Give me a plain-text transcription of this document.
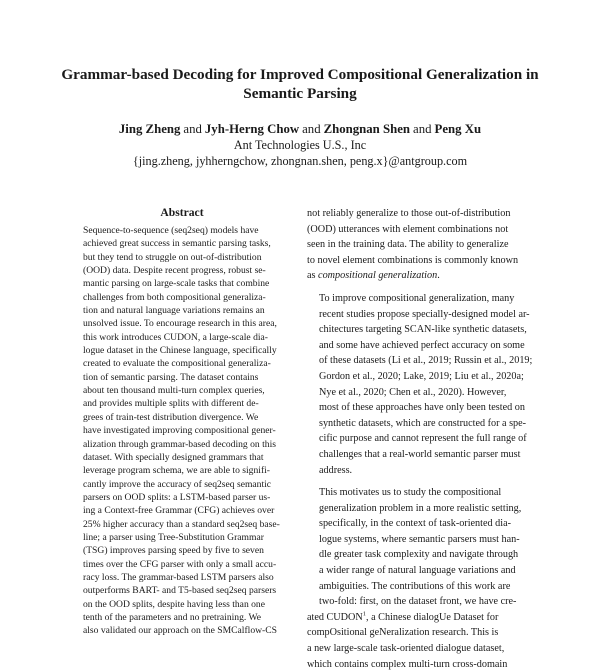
Grammar-based Decoding for Improved Compositional Generalization in
Semantic Parsing
Jing Zheng and Jyh-Herng Chow and Zhongnan Shen and Peng Xu
Ant Technologies U.S., Inc
{jing.zheng, jyhherngchow, zhongnan.shen, peng.x}@antgroup.com
Abstract
Sequence-to-sequence (seq2seq) models have
achieved great success in semantic parsing tasks,
but they tend to struggle on out-of-distribution
(OOD) data. Despite recent progress, robust se-
mantic parsing on large-scale tasks that combine
challenges from both compositional generaliza-
tion and natural language variations remains an
unsolved issue. To encourage research in this area,
this work introduces CUDON, a large-scale dia-
logue dataset in the Chinese language, specifically
created to evaluate the compositional generaliza-
tion of semantic parsing. The dataset contains
about ten thousand multi-turn complex queries,
and provides multiple splits with different de-
grees of train-test distribution divergence. We
have investigated improving compositional gener-
alization through grammar-based decoding on this
dataset. With specially designed grammars that
leverage program schema, we are able to signifi-
cantly improve the accuracy of seq2seq semantic
parsers on OOD splits: a LSTM-based parser us-
ing a Context-free Grammar (CFG) achieves over
25% higher accuracy than a standard seq2seq base-
line; a parser using Tree-Substitution Grammar
(TSG) improves parsing speed by five to seven
times over the CFG parser with only a small accu-
racy loss. The grammar-based LSTM parsers also
outperforms BART- and T5-based seq2seq parsers
on the OOD splits, despite having less than one
tenth of the parameters and no pretraining. We
also validated our approach on the SMCalflow-CS
not reliably generalize to those out-of-distribution
(OOD) utterances with element combinations not
seen in the training data. The ability to generalize
to novel element combinations is commonly known
as compositional generalization.
To improve compositional generalization, many
recent studies propose specially-designed model ar-
chitectures targeting SCAN-like synthetic datasets,
and some have achieved perfect accuracy on some
of these datasets (Li et al., 2019; Russin et al., 2019;
Gordon et al., 2020; Lake, 2019; Liu et al., 2020a;
Nye et al., 2020; Chen et al., 2020). However,
most of these approaches have only been tested on
synthetic datasets, which are constructed for a spe-
cific purpose and cannot represent the full range of
challenges that a real-world semantic parser must
address.
This motivates us to study the compositional
generalization problem in a more realistic setting,
specifically, in the context of task-oriented dia-
logue systems, where semantic parsers must han-
dle greater task complexity and navigate through
a wider range of natural language variations and
ambiguities. The contributions of this work are
two-fold: first, on the dataset front, we have cre-
ated CUDON$^1$, a Chinese dialogUe Dataset for
compOsitional geNeralization research. This is
a new large-scale task-oriented dialogue dataset,
which contains complex multi-turn cross-domain
